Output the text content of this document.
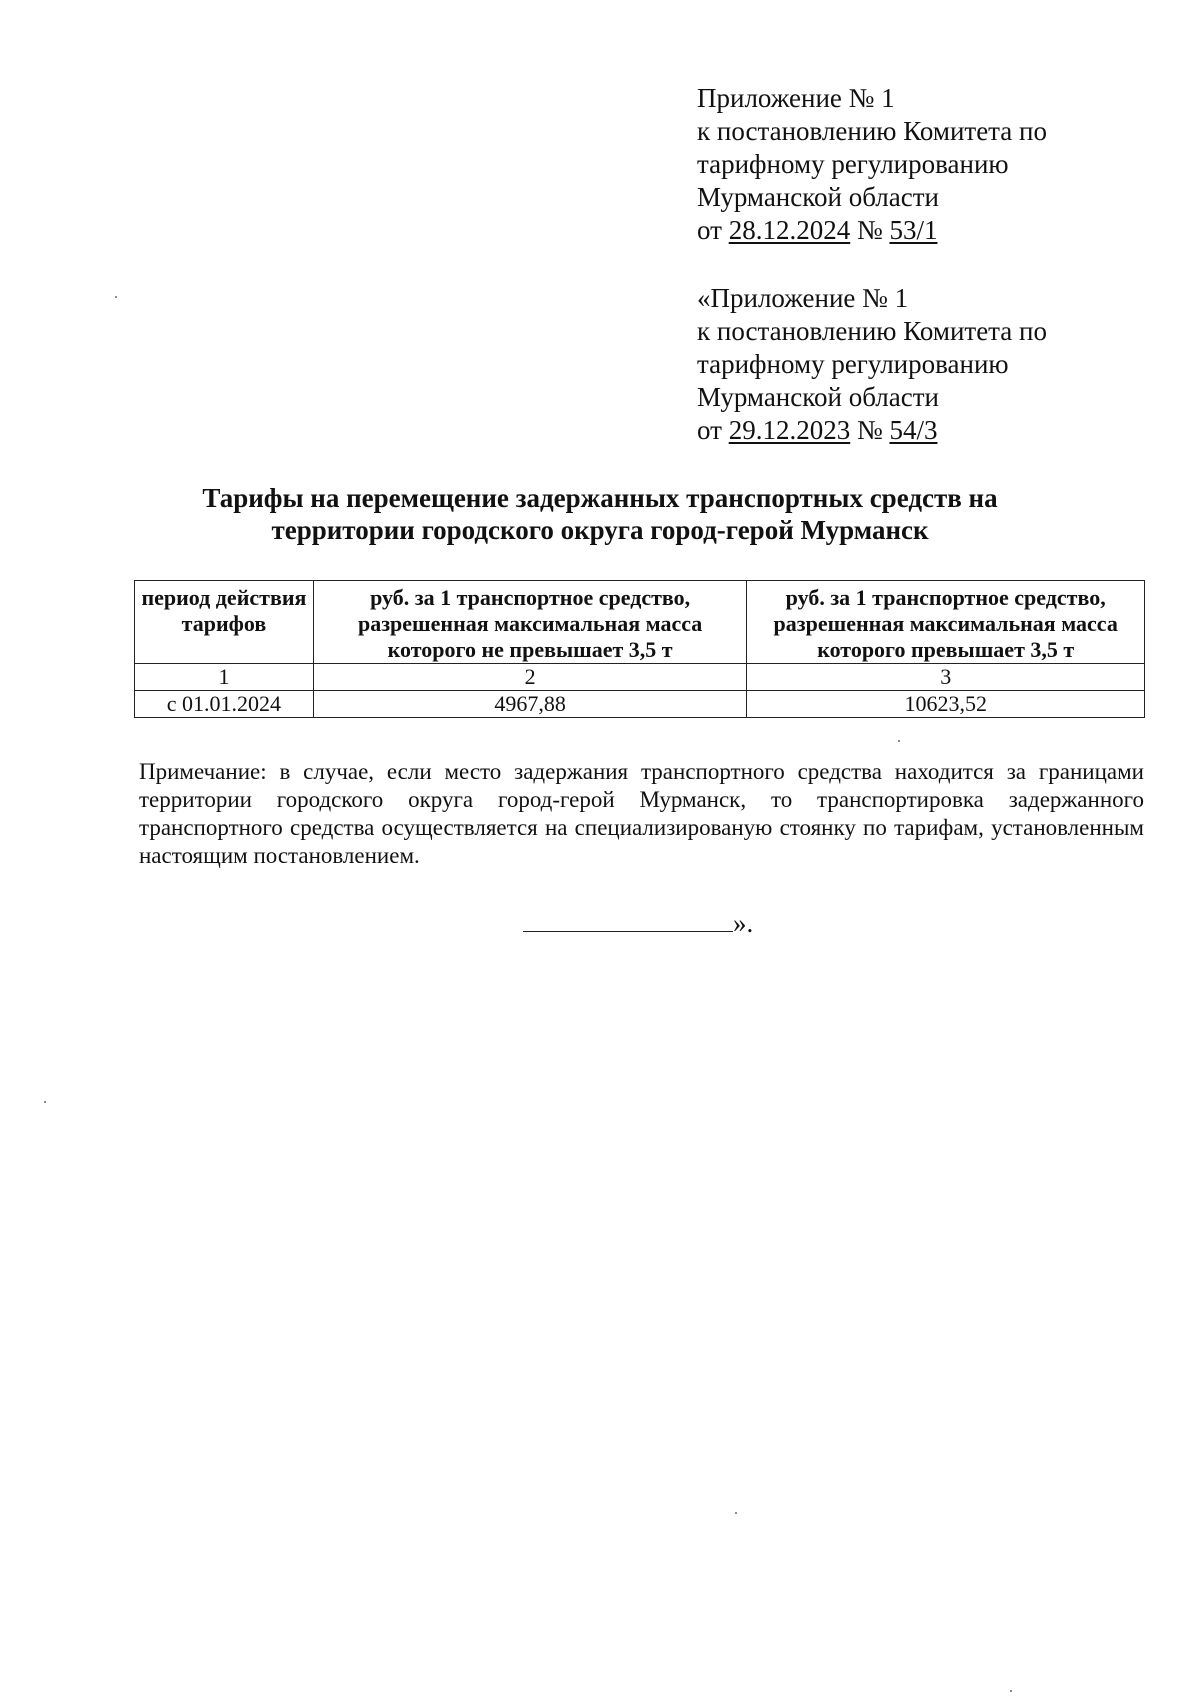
Приложение № 1
к постановлению Комитета по
тарифному регулированию
Мурманской области
от 28.12.2024 № 53/1
«Приложение № 1
к постановлению Комитета по
тарифному регулированию
Мурманской области
от 29.12.2023 № 54/3
Тарифы на перемещение задержанных транспортных средств на
территории городского округа город-герой Мурманск
период действия тарифов	руб. за 1 транспортное средство, разрешенная максимальная масса которого не превышает 3,5 т	руб. за 1 транспортное средство, разрешенная максимальная масса которого превышает 3,5 т
1	2	3
с 01.01.2024	4967,88	10623,52
Примечание: в случае, если место задержания транспортного средства находится за границами территории городского округа город-герой Мурманск, то транспортировка задержанного транспортного средства осуществляется на специализированую стоянку по тарифам, установленным настоящим постановлением.
».
